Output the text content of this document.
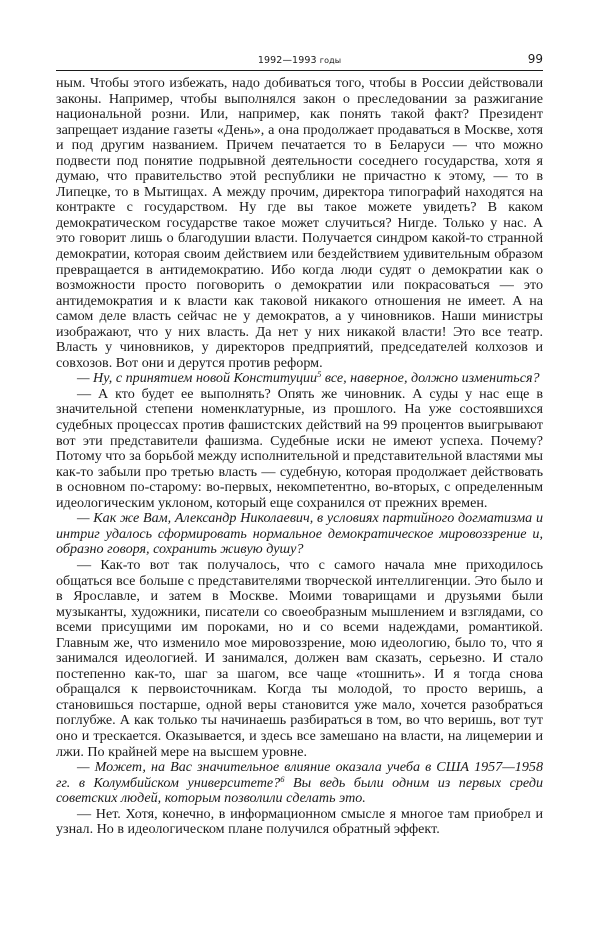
1992—1993 годы	99

ным. Чтобы этого избежать, надо добиваться того, чтобы в России действовали законы. Например, чтобы выполнялся закон о преследовании за разжигание национальной розни. Или, например, как понять такой факт? Президент запрещает издание газеты «День», а она продолжает продаваться в Москве, хотя и под другим названием. Причем печатается то в Беларуси — что можно подвести под понятие подрывной деятельности соседнего государства, хотя я думаю, что правительство этой республики не причастно к этому, — то в Липецке, то в Мытищах. А между прочим, директора типографий находятся на контракте с государством. Ну где вы такое можете увидеть? В каком демократическом государстве такое может случиться? Нигде. Только у нас. А это говорит лишь о благодушии власти. Получается синдром какой-то странной демократии, которая своим действием или бездействием удивительным образом превращается в антидемократию. Ибо когда люди судят о демократии как о возможности просто поговорить о демократии или покрасоваться — это антидемократия и к власти как таковой никакого отношения не имеет. А на самом деле власть сейчас не у демократов, а у чиновников. Наши министры изображают, что у них власть. Да нет у них никакой власти! Это все театр. Власть у чиновников, у директоров предприятий, председателей колхозов и совхозов. Вот они и дерутся против реформ.

— Ну, с принятием новой Конституции$^5$ все, наверное, должно измениться?

— А кто будет ее выполнять? Опять же чиновник. А суды у нас еще в значительной степени номенклатурные, из прошлого. На уже состоявшихся судебных процессах против фашистских действий на 99 процентов выигрывают вот эти представители фашизма. Судебные иски не имеют успеха. Почему? Потому что за борьбой между исполнительной и представительной властями мы как-то забыли про третью власть — судебную, которая продолжает действовать в основном по-старому: во-первых, некомпетентно, во-вторых, с определенным идеологическим уклоном, который еще сохранился от прежних времен.

— Как же Вам, Александр Николаевич, в условиях партийного догматизма и интриг удалось сформировать нормальное демократическое мировоззрение и, образно говоря, сохранить живую душу?

— Как-то вот так получалось, что с самого начала мне приходилось общаться все больше с представителями творческой интеллигенции. Это было и в Ярославле, и затем в Москве. Моими товарищами и друзьями были музыканты, художники, писатели со своеобразным мышлением и взглядами, со всеми присущими им пороками, но и со всеми надеждами, романтикой. Главным же, что изменило мое мировоззрение, мою идеологию, было то, что я занимался идеологией. И занимался, должен вам сказать, серьезно. И стало постепенно как-то, шаг за шагом, все чаще «тошнить». И я тогда снова обращался к первоисточникам. Когда ты молодой, то просто веришь, а становишься постарше, одной веры становится уже мало, хочется разобраться поглубже. А как только ты начинаешь разбираться в том, во что веришь, вот тут оно и трескается. Оказывается, и здесь все замешано на власти, на лицемерии и лжи. По крайней мере на высшем уровне.

— Может, на Вас значительное влияние оказала учеба в США 1957—1958 гг. в Колумбийском университете?$^6$ Вы ведь были одним из первых среди советских людей, которым позволили сделать это.

— Нет. Хотя, конечно, в информационном смысле я многое там приобрел и узнал. Но в идеологическом плане получился обратный эффект.
